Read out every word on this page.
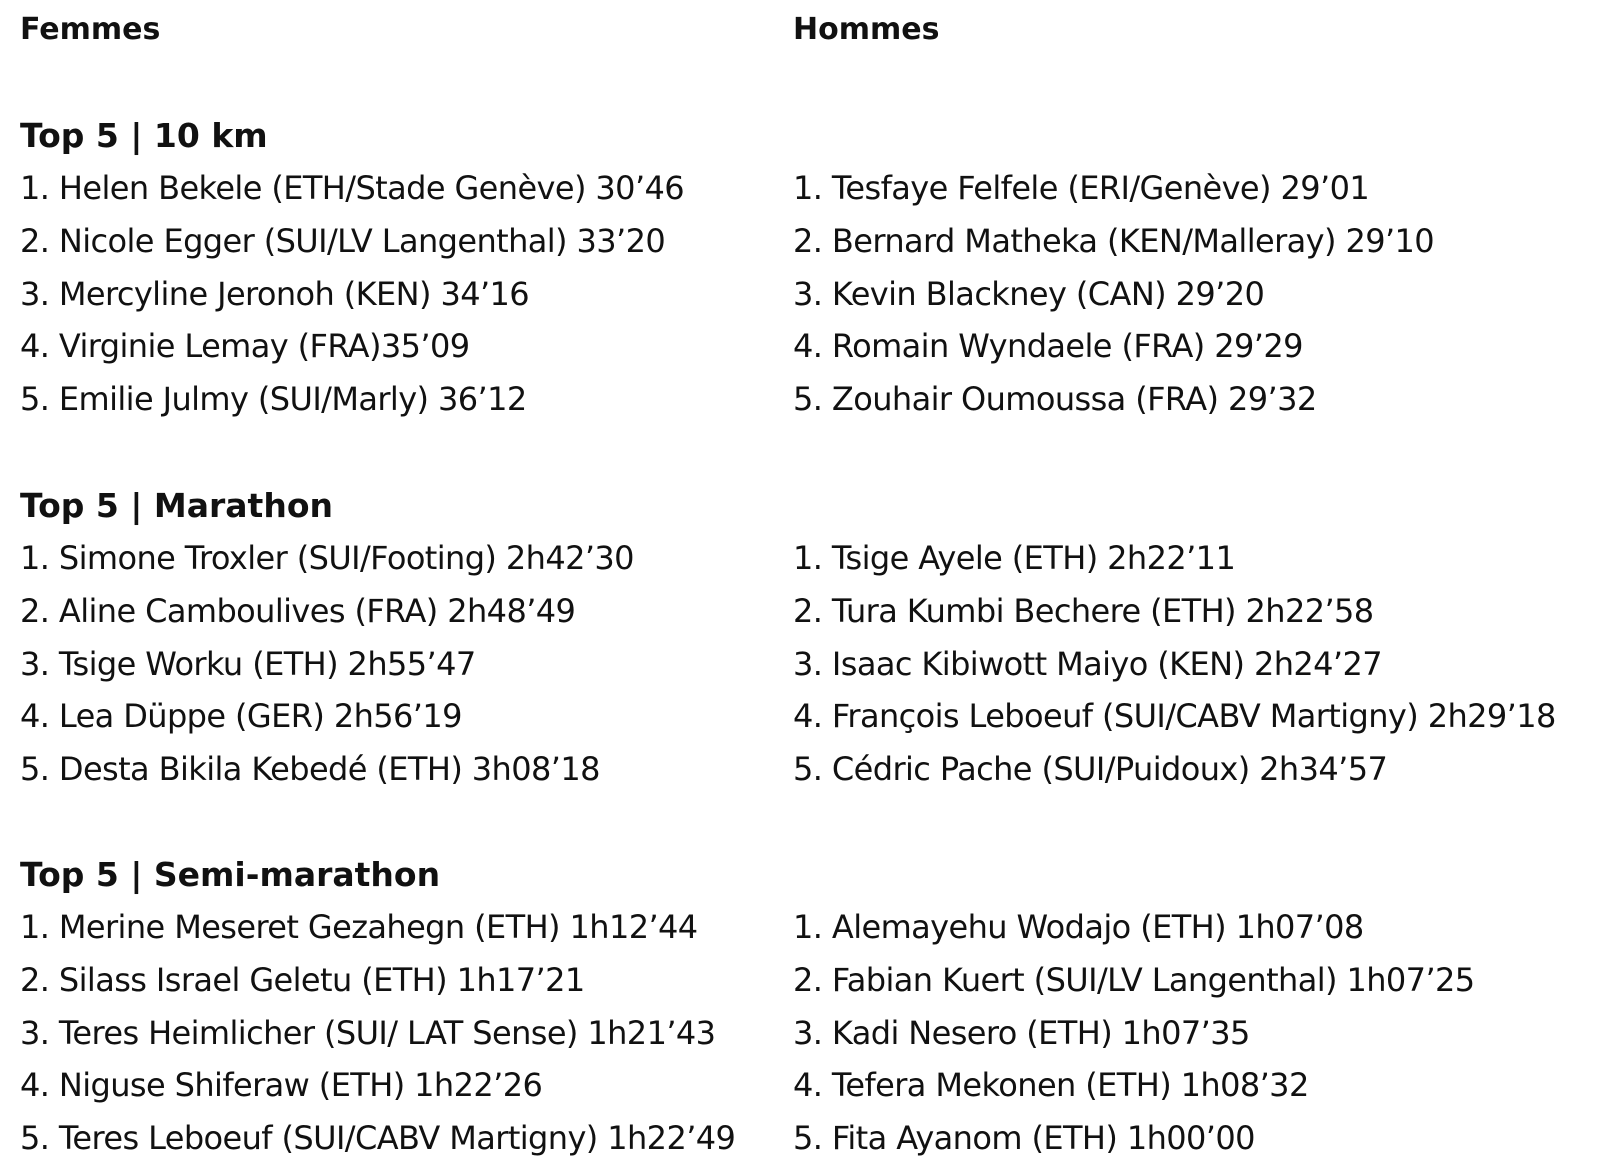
Femmes
Top 5 | 10 km
1. Helen Bekele (ETH/Stade Genève) 30’46
2. Nicole Egger (SUI/LV Langenthal) 33’20
3. Mercyline Jeronoh (KEN) 34’16
4. Virginie Lemay (FRA)35’09
5. Emilie Julmy (SUI/Marly) 36’12
Top 5 | Marathon
1. Simone Troxler (SUI/Footing) 2h42’30
2. Aline Camboulives (FRA) 2h48’49
3. Tsige Worku (ETH) 2h55’47
4. Lea Düppe (GER) 2h56’19
5. Desta Bikila Kebedé (ETH) 3h08’18
Top 5 | Semi-marathon
1. Merine Meseret Gezahegn (ETH) 1h12’44
2. Silass Israel Geletu (ETH) 1h17’21
3. Teres Heimlicher (SUI/ LAT Sense) 1h21’43
4. Niguse Shiferaw (ETH) 1h22’26
5. Teres Leboeuf (SUI/CABV Martigny) 1h22’49
Hommes
1. Tesfaye Felfele (ERI/Genève) 29’01
2. Bernard Matheka (KEN/Malleray) 29’10
3. Kevin Blackney (CAN) 29’20
4. Romain Wyndaele (FRA) 29’29
5. Zouhair Oumoussa (FRA) 29’32
1. Tsige Ayele (ETH) 2h22’11
2. Tura Kumbi Bechere (ETH) 2h22’58
3. Isaac Kibiwott Maiyo (KEN) 2h24’27
4. François Leboeuf (SUI/CABV Martigny) 2h29’18
5. Cédric Pache (SUI/Puidoux) 2h34’57
1. Alemayehu Wodajo (ETH) 1h07’08
2. Fabian Kuert (SUI/LV Langenthal) 1h07’25
3. Kadi Nesero (ETH) 1h07’35
4. Tefera Mekonen (ETH) 1h08’32
5. Fita Ayanom (ETH) 1h00’00
